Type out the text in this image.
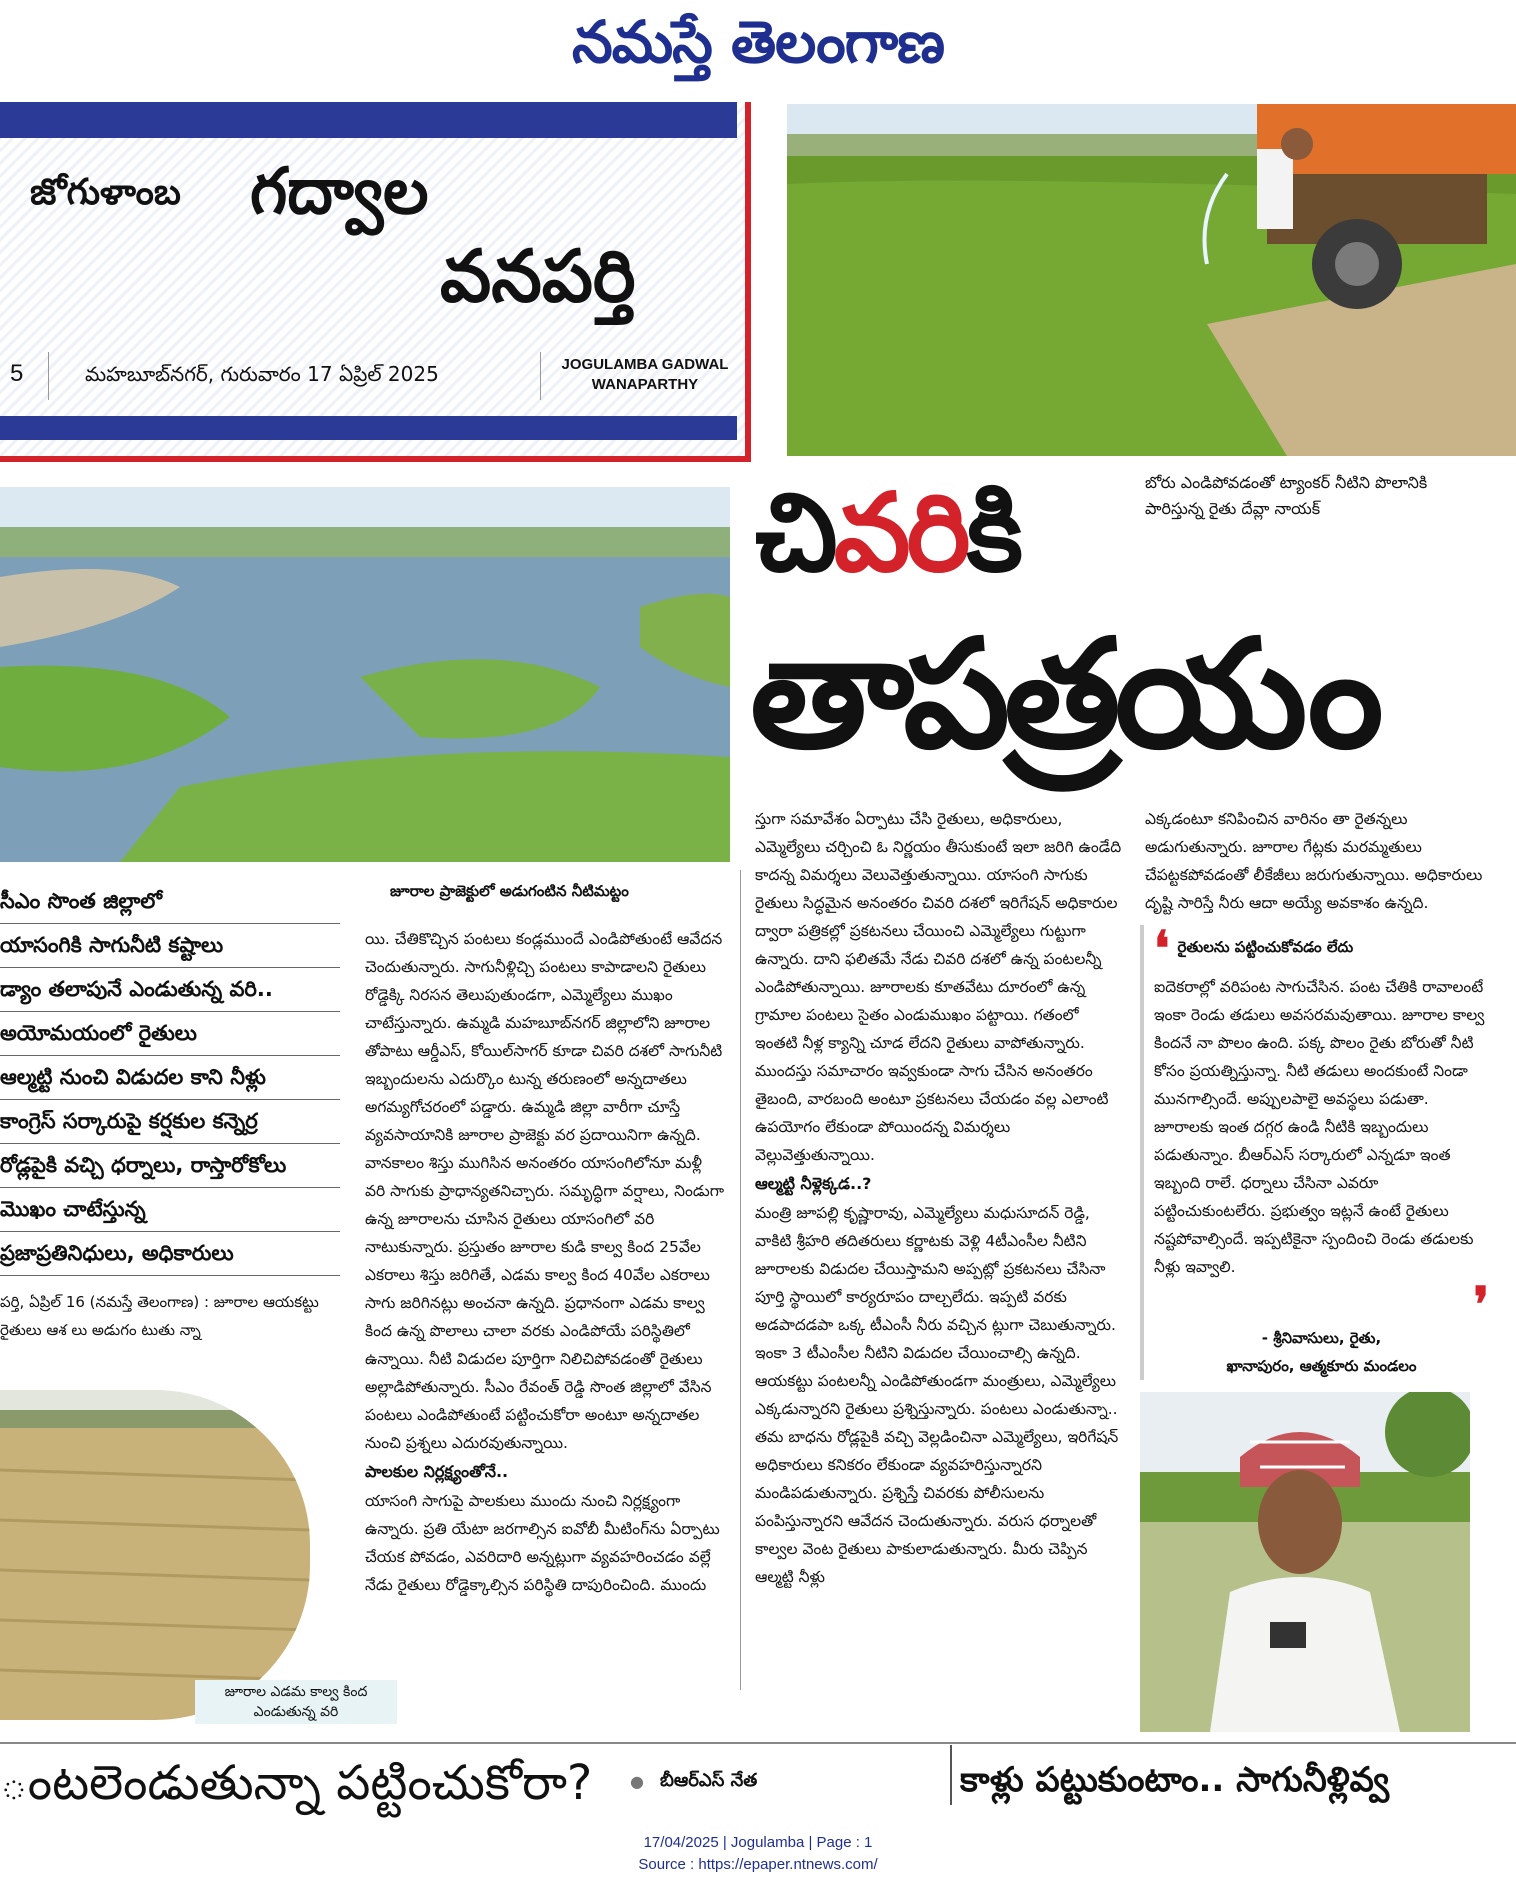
నమస్తే తెలంగాణ
జోగుళాంబ గద్వాల
వనపర్తి
5	మహబూబ్‌నగర్, గురువారం 17 ఏప్రిల్ 2025	JOGULAMBA GADWAL
WANAPARTHY
బోరు ఎండిపోవడంతో ట్యాంకర్ నీటిని పొలానికి పారిస్తున్న రైతు దేవ్లా నాయక్
చివరికి
తాపత్రయం
సీఎం సొంత జిల్లాలో
యాసంగికి సాగునీటి కష్టాలు
డ్యాం తలాపునే ఎండుతున్న వరి..
అయోమయంలో రైతులు
ఆల్మట్టి నుంచి విడుదల కాని నీళ్లు
కాంగ్రెస్ సర్కారుపై కర్షకుల కన్నెర్ర
రోడ్లపైకి వచ్చి ధర్నాలు, రాస్తారోకోలు
మొఖం చాటేస్తున్న
ప్రజాప్రతినిధులు, అధికారులు
పర్తి, ఏప్రిల్ 16 (నమస్తే తెలంగాణ) : జూరాల ఆయకట్టు రైతులు ఆశ లు అడుగం టుతు న్నా
జూరాల ఎడమ కాల్వ కింద ఎండుతున్న వరి
జూరాల ప్రాజెక్టులో అడుగంటిన నీటిమట్టం

యి. చేతికొచ్చిన పంటలు కండ్లముందే ఎండిపోతుంటే ఆవేదన చెందుతున్నారు. సాగునీళ్లిచ్చి పంటలు కాపాడాలని రైతులు రోడ్డెక్కి నిరసన తెలుపుతుండగా, ఎమ్మెల్యేలు ముఖం చాటేస్తున్నారు. ఉమ్మడి మహబూబ్‌నగర్ జిల్లాలోని జూరాల తోపాటు ఆర్డీఎస్, కోయిల్‌సాగర్ కూడా చివరి దశలో సాగునీటి ఇబ్బందులను ఎదుర్కొం టున్న తరుణంలో అన్నదాతలు అగమ్యగోచరంలో పడ్డారు. ఉమ్మడి జిల్లా వారీగా చూస్తే వ్యవసాయానికి జూరాల ప్రాజెక్టు వర ప్రదాయినిగా ఉన్నది. వానకాలం శిస్తు ముగిసిన అనంతరం యాసంగిలోనూ మళ్లీ వరి సాగుకు ప్రాధాన్యతనిచ్చారు. సమృద్ధిగా వర్షాలు, నిండుగా ఉన్న జూరాలను చూసిన రైతులు యాసంగిలో వరి నాటుకున్నారు. ప్రస్తుతం జూరాల కుడి కాల్వ కింద 25వేల ఎకరాలు శిస్తు జరిగితే, ఎడమ కాల్వ కింద 40వేల ఎకరాలు సాగు జరిగినట్లు అంచనా ఉన్నది. ప్రధానంగా ఎడమ కాల్వ కింద ఉన్న పొలాలు చాలా వరకు ఎండిపోయే పరిస్థితిలో ఉన్నాయి. నీటి విడుదల పూర్తిగా నిలిచిపోవడంతో రైతులు అల్లాడిపోతున్నారు. సీఎం రేవంత్ రెడ్డి సొంత జిల్లాలో వేసిన పంటలు ఎండిపోతుంటే పట్టించుకోరా అంటూ అన్నదాతల నుంచి ప్రశ్నలు ఎదురవుతున్నాయి.

పాలకుల నిర్లక్ష్యంతోనే..

యాసంగి సాగుపై పాలకులు ముందు నుంచి నిర్లక్ష్యంగా ఉన్నారు. ప్రతి యేటా జరగాల్సిన ఐవోబీ మీటింగ్‌ను ఏర్పాటు చేయక పోవడం, ఎవరిదారి అన్నట్లుగా వ్యవహరించడం వల్లే నేడు రైతులు రోడ్డెక్కాల్సిన పరిస్థితి దాపురించింది. ముందు

స్తుగా సమావేశం ఏర్పాటు చేసి రైతులు, అధికారులు, ఎమ్మెల్యేలు చర్చించి ఓ నిర్ణయం తీసుకుంటే ఇలా జరిగి ఉండేది కాదన్న విమర్శలు వెలువెత్తుతున్నాయి. యాసంగి సాగుకు రైతులు సిద్ధమైన అనంతరం చివరి దశలో ఇరిగేషన్ అధికారుల ద్వారా పత్రికల్లో ప్రకటనలు చేయించి ఎమ్మెల్యేలు గుట్టుగా ఉన్నారు. దాని ఫలితమే నేడు చివరి దశలో ఉన్న పంటలన్నీ ఎండిపోతున్నాయి. జూరాలకు కూతవేటు దూరంలో ఉన్న గ్రామాల పంటలు సైతం ఎండుముఖం పట్టాయి. గతంలో ఇంతటి నీళ్ల క్యాన్ని చూడ లేదని రైతులు వాపోతున్నారు. ముందస్తు సమాచారం ఇవ్వకుండా సాగు చేసిన అనంతరం తైబంది, వారబంది అంటూ ప్రకటనలు చేయడం వల్ల ఎలాంటి ఉపయోగం లేకుండా పోయిందన్న విమర్శలు వెల్లువెత్తుతున్నాయి.

ఆల్మట్టి నీళ్లెక్కడ..?

మంత్రి జూపల్లి కృష్ణారావు, ఎమ్మెల్యేలు మధుసూదన్ రెడ్డి, వాకిటి శ్రీహరి తదితరులు కర్ణాటకు వెళ్లి 4టీఎంసీల నీటిని జూరాలకు విడుదల చేయిస్తామని అప్పట్లో ప్రకటనలు చేసినా పూర్తి స్థాయిలో కార్యరూపం దాల్చలేదు. ఇప్పటి వరకు అడపాదడపా ఒక్క టీఎంసీ నీరు వచ్చిన ట్లుగా చెబుతున్నారు. ఇంకా 3 టీఎంసీల నీటిని విడుదల చేయించాల్సి ఉన్నది. ఆయకట్టు పంటలన్నీ ఎండిపోతుండగా మంత్రులు, ఎమ్మెల్యేలు ఎక్కడున్నారని రైతులు ప్రశ్నిస్తున్నారు. పంటలు ఎండుతున్నా.. తమ బాధను రోడ్లపైకి వచ్చి వెల్లడించినా ఎమ్మెల్యేలు, ఇరిగేషన్ అధికారులు కనికరం లేకుండా వ్యవహరిస్తున్నారని మండిపడుతున్నారు. ప్రశ్నిస్తే చివరకు పోలీసులను పంపిస్తున్నారని ఆవేదన చెందుతున్నారు. వరుస ధర్నాలతో కాల్వల వెంట రైతులు పాకులాడుతున్నారు. మీరు చెప్పిన ఆల్మట్టి నీళ్లు

ఎక్కడంటూ కనిపించిన వారినం తా రైతన్నలు అడుగుతున్నారు. జూరాల గేట్లకు మరమ్మతులు చేపట్టకపోవడంతో లీకేజీలు జరుగుతున్నాయి. అధికారులు దృష్టి సారిస్తే నీరు ఆదా అయ్యే అవకాశం ఉన్నది.

❛ రైతులను పట్టించుకోవడం లేదు

ఐదెకరాల్లో వరిపంట సాగుచేసిన. పంట చేతికి రావాలంటే ఇంకా రెండు తడులు అవసరమవుతాయి. జూరాల కాల్వ కిందనే నా పొలం ఉంది. పక్క పొలం రైతు బోరుతో నీటి కోసం ప్రయత్నిస్తున్నా. నీటి తడులు అందకుంటే నిండా మునగాల్సిందే. అప్పులపాలై అవస్థలు పడుతా. జూరాలకు ఇంత దగ్గర ఉండి నీటికి ఇబ్బందులు పడుతున్నాం. బీఆర్‌ఎస్ సర్కారులో ఎన్నడూ ఇంత ఇబ్బంది రాలే. ధర్నాలు చేసినా ఎవరూ పట్టించుకుంటలేరు. ప్రభుత్వం ఇట్లనే ఉంటే రైతులు నష్టపోవాల్సిందే. ఇప్పటికైనా స్పందించి రెండు తడులకు నీళ్లు ఇవ్వాలి.

❜
- శ్రీనివాసులు, రైతు,
ఖానాపురం, ఆత్మకూరు మండలం
ంటలెండుతున్నా పట్టించుకోరా? ● బీఆర్‌ఎస్ నేత	కాళ్లు పట్టుకుంటాం.. సాగునీళ్లివ్వ
17/04/2025 | Jogulamba | Page : 1
Source : https://epaper.ntnews.com/
